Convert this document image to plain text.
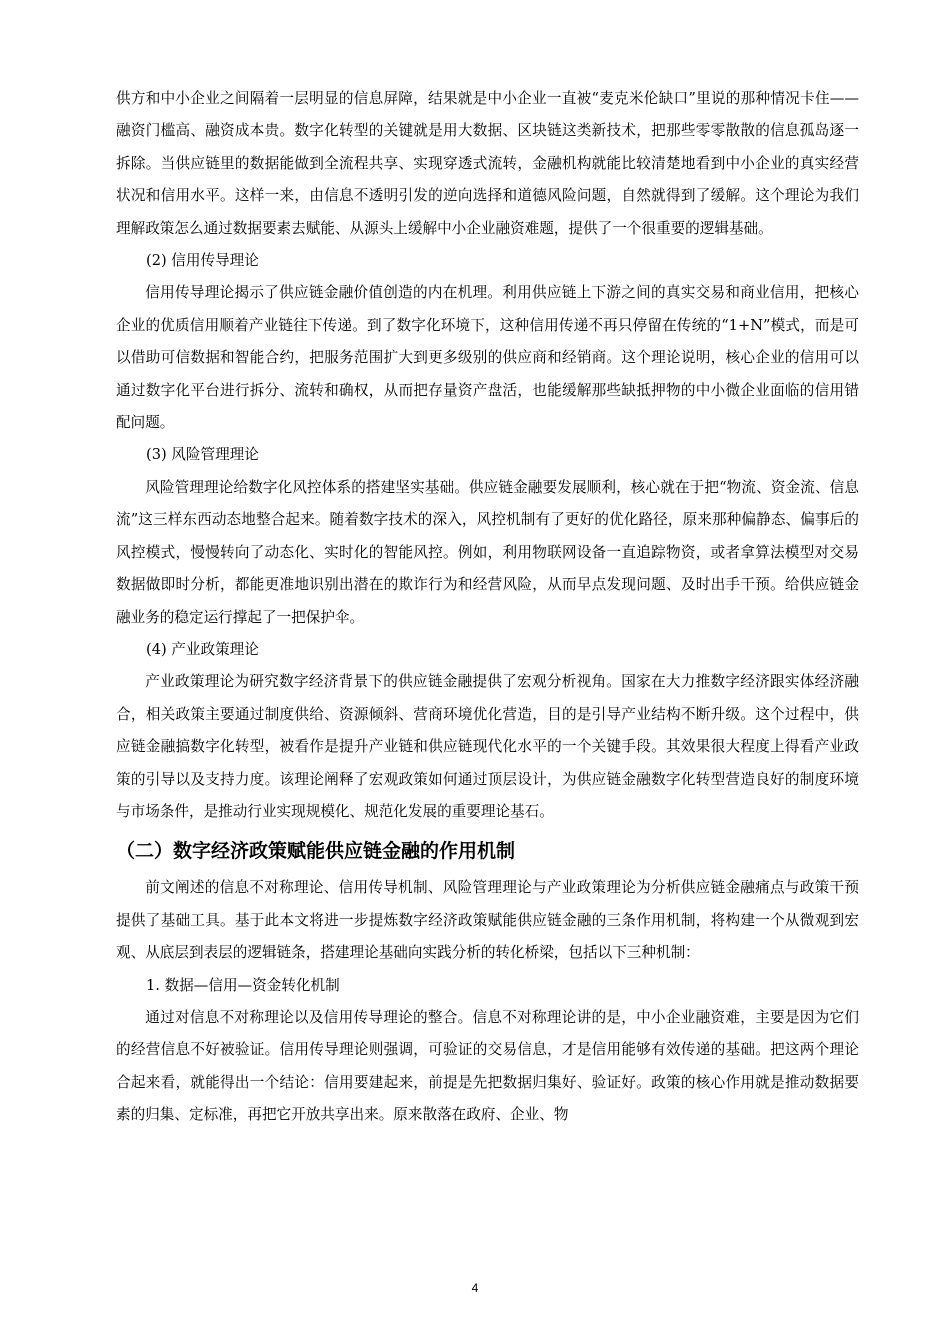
供方和中小企业之间隔着一层明显的信息屏障，结果就是中小企业一直被“麦克米伦缺口”里说的那种情况卡住——融资门槛高、融资成本贵。数字化转型的关键就是用大数据、区块链这类新技术，把那些零零散散的信息孤岛逐一拆除。当供应链里的数据能做到全流程共享、实现穿透式流转，金融机构就能比较清楚地看到中小企业的真实经营状况和信用水平。这样一来，由信息不透明引发的逆向选择和道德风险问题，自然就得到了缓解。这个理论为我们理解政策怎么通过数据要素去赋能、从源头上缓解中小企业融资难题，提供了一个很重要的逻辑基础。

(2) 信用传导理论

信用传导理论揭示了供应链金融价值创造的内在机理。利用供应链上下游之间的真实交易和商业信用，把核心企业的优质信用顺着产业链往下传递。到了数字化环境下，这种信用传递不再只停留在传统的“1+N”模式，而是可以借助可信数据和智能合约，把服务范围扩大到更多级别的供应商和经销商。这个理论说明，核心企业的信用可以通过数字化平台进行拆分、流转和确权，从而把存量资产盘活，也能缓解那些缺抵押物的中小微企业面临的信用错配问题。

(3) 风险管理理论

风险管理理论给数字化风控体系的搭建坚实基础。供应链金融要发展顺利，核心就在于把“物流、资金流、信息流”这三样东西动态地整合起来。随着数字技术的深入，风控机制有了更好的优化路径，原来那种偏静态、偏事后的风控模式，慢慢转向了动态化、实时化的智能风控。例如，利用物联网设备一直追踪物资，或者拿算法模型对交易数据做即时分析，都能更准地识别出潜在的欺诈行为和经营风险，从而早点发现问题、及时出手干预。给供应链金融业务的稳定运行撑起了一把保护伞。

(4) 产业政策理论

产业政策理论为研究数字经济背景下的供应链金融提供了宏观分析视角。国家在大力推数字经济跟实体经济融合，相关政策主要通过制度供给、资源倾斜、营商环境优化营造，目的是引导产业结构不断升级。这个过程中，供应链金融搞数字化转型，被看作是提升产业链和供应链现代化水平的一个关键手段。其效果很大程度上得看产业政策的引导以及支持力度。该理论阐释了宏观政策如何通过顶层设计，为供应链金融数字化转型营造良好的制度环境与市场条件，是推动行业实现规模化、规范化发展的重要理论基石。

（二）数字经济政策赋能供应链金融的作用机制

前文阐述的信息不对称理论、信用传导机制、风险管理理论与产业政策理论为分析供应链金融痛点与政策干预提供了基础工具。基于此本文将进一步提炼数字经济政策赋能供应链金融的三条作用机制，将构建一个从微观到宏观、从底层到表层的逻辑链条，搭建理论基础向实践分析的转化桥梁，包括以下三种机制：

1. 数据—信用—资金转化机制

通过对信息不对称理论以及信用传导理论的整合。信息不对称理论讲的是，中小企业融资难，主要是因为它们的经营信息不好被验证。信用传导理论则强调，可验证的交易信息，才是信用能够有效传递的基础。把这两个理论合起来看，就能得出一个结论：信用要建起来，前提是先把数据归集好、验证好。政策的核心作用就是推动数据要素的归集、定标准，再把它开放共享出来。原来散落在政府、企业、物

4
